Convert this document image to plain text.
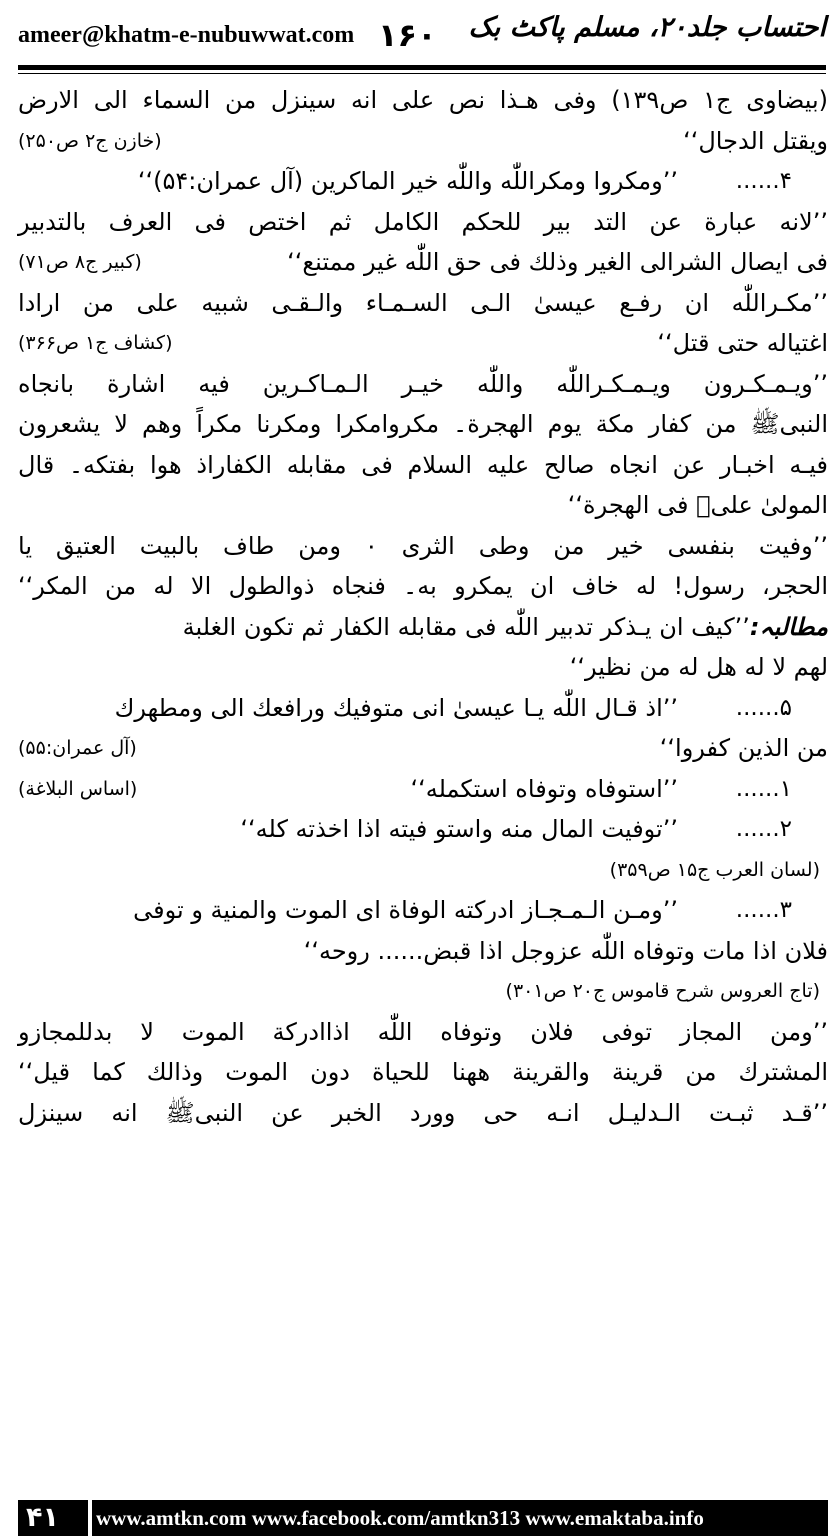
ameer@khatm-e-nubuwwat.com ۱۶۰ احتساب جلد۲۰، مسلم پاکٹ بک
(بیضاوی ج۱ ص۱۳۹) وفی ھـذا نص علی انه سینزل من السماء الی الارض
ویقتل الدجال‘‘
(خازن ج۲ ص۲۵۰)
۴......
’’ومکروا ومکراللّٰه واللّٰه خیر الماکرین (آل عمران:۵۴)‘‘
’’لانه عبارة عن التد بیر للحکم الکامل ثم اختص فی العرف بالتدبیر
فی ایصال الشرالی الغیر وذلك فی حق اللّٰه غیر ممتنع‘‘
(کبیر ج۸ ص۷۱)
’’مکـراللّٰه ان رفـع عیسیٰ الـی السـمـاء والـقـی شبیه علی من ارادا
اغتیاله حتی قتل‘‘
(کشاف ج۱ ص۳۶۶)
’’ویـمـکـرون ویـمـکـراللّٰه واللّٰه خیـر الـمـاکـرین فیه اشارة بانجاه
النبیﷺ من کفار مکة یوم الهجرة۔ مکروامکرا ومکرنا مکراً وهم لا یشعرون
فیـه اخبـار عن انجاه صالح علیه السلام فی مقابله الکفاراذ هوا بفتکه۔ قال
المولیٰ علیؓ فی الهجرة‘‘
’’وفیت بنفسی خیر من وطی الثری ۰ ومن طاف بالبیت العتیق یا
الحجر، رسول! له خاف ان یمکرو به۔ فنجاه ذوالطول الا له من المکر‘‘
مطالبہ:’’کیف ان یـذکر تدبیر اللّٰه فی مقابله الکفار ثم تکون الغلبة
لهم لا له هل له من نظیر‘‘
۵......
’’اذ قـال اللّٰه یـا عیسیٰ انی متوفیك ورافعك الی ومطهرك
من الذین کفروا‘‘
(آل عمران:۵۵)
۱......
’’استوفاه وتوفاه استکمله‘‘
(اساس البلاغة)
۲......
’’توفیت المال منه واستو فیته اذا اخذته کله‘‘
(لسان العرب ج۱۵ ص۳۵۹)
۳......
’’ومـن الـمـجـاز ادرکته الوفاة ای الموت والمنیة و توفی
فلان اذا مات وتوفاه اللّٰه عزوجل اذا قبض...... روحه‘‘
(تاج العروس شرح قاموس ج۲۰ ص۳۰۱)
’’ومن المجاز توفی فلان وتوفاه اللّٰه اذاادرکة الموت لا بدللمجازو
المشترك من قرینة والقرینة ههنا للحیاة دون الموت وذالك کما قیل‘‘
’’قـد ثبـت الـدلیـل انـه حی وورد الخبر عن النبیﷺ انه سینزل
۴۱ www.amtkn.com www.facebook.com/amtkn313 www.emaktaba.info
